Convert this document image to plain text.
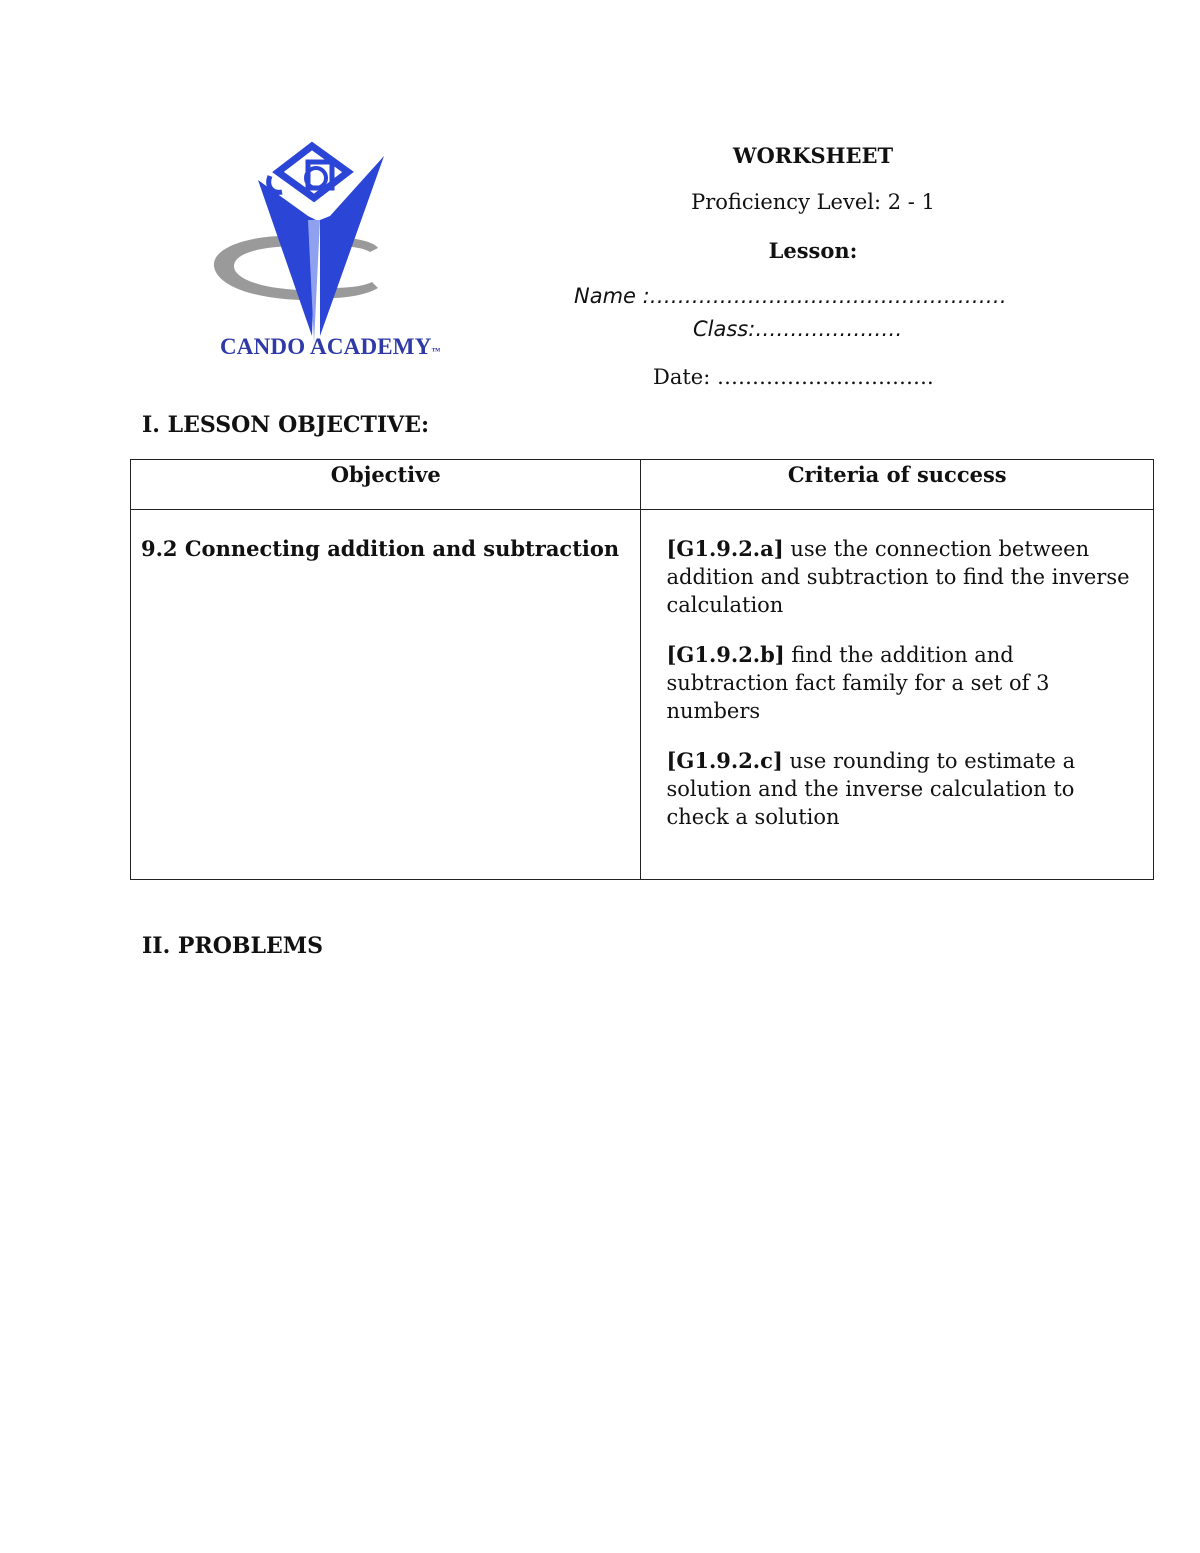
CANDO ACADEMY™
WORKSHEET
Proficiency Level: 2 - 1
Lesson:
Name :……………………………………………
Class:…………………
Date: ………………………….
I. LESSON OBJECTIVE:
Objective	Criteria of success
9.2 Connecting addition and subtraction	[G1.9.2.a] use the connection between addition and subtraction to find the inverse calculation

[G1.9.2.b] find the addition and subtraction fact family for a set of 3 numbers

[G1.9.2.c] use rounding to estimate a solution and the inverse calculation to check a solution

II. PROBLEMS
